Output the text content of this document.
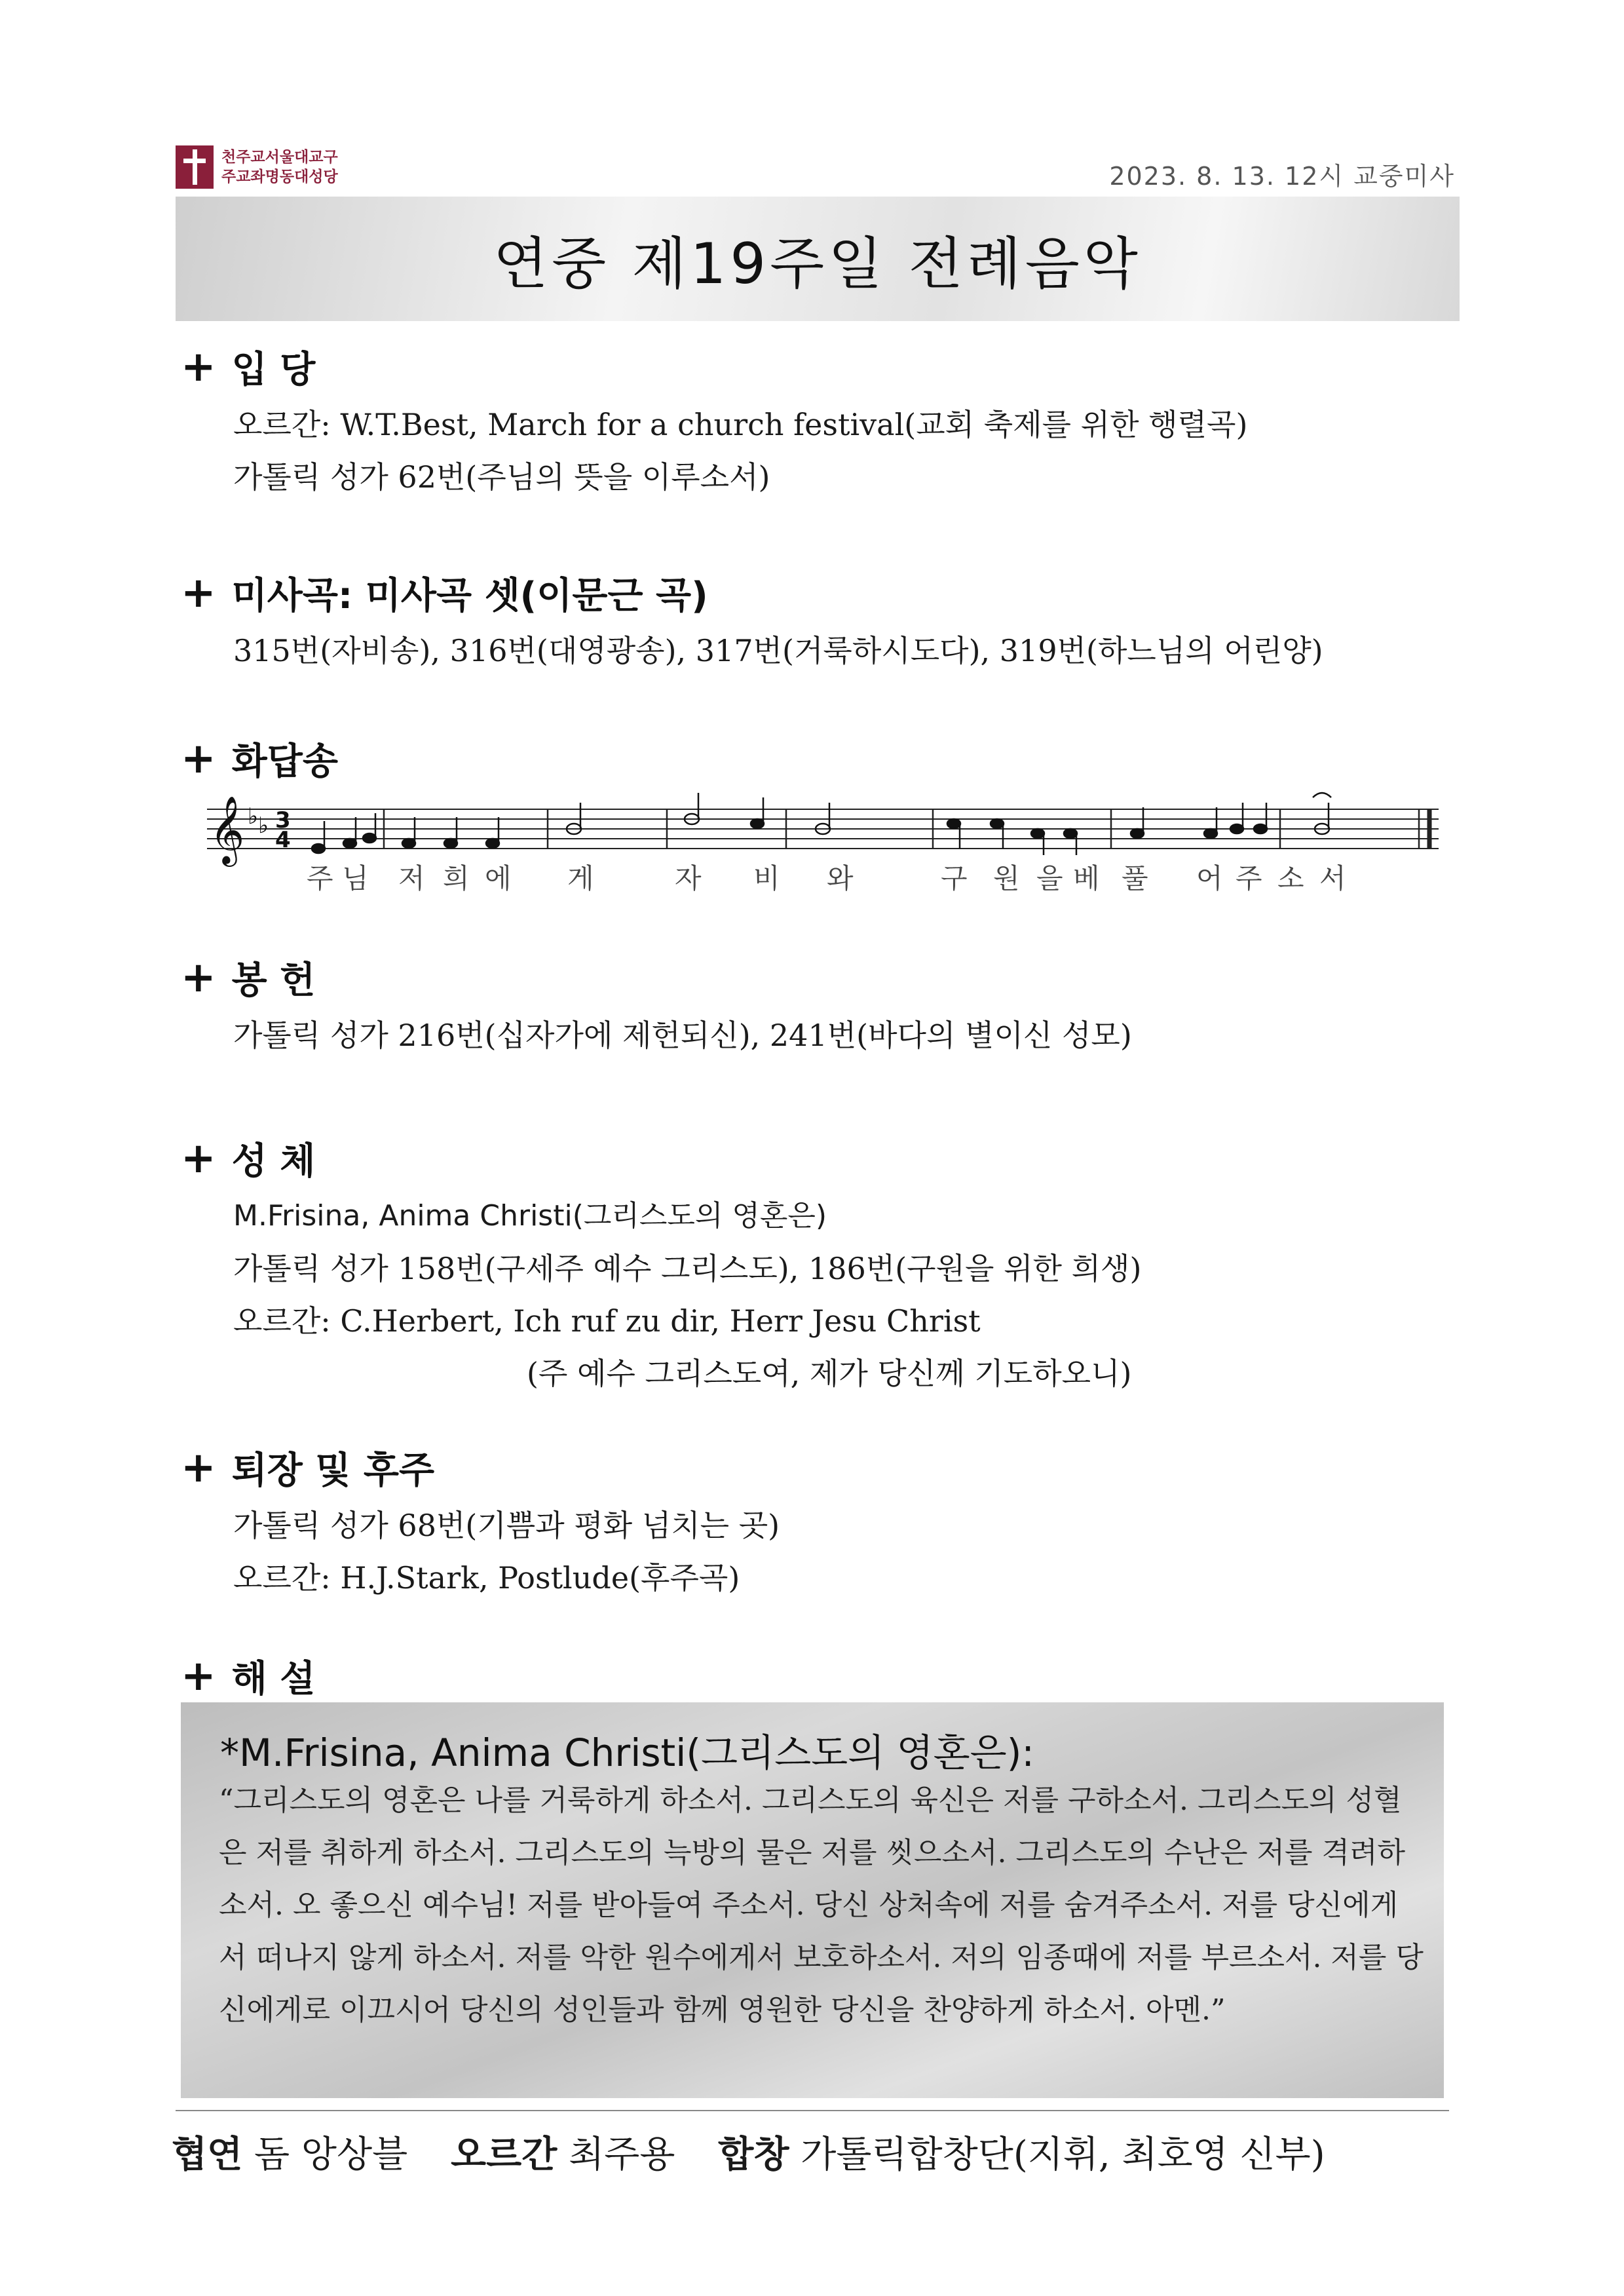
천주교서울대교구
주교좌명동대성당	2023. 8. 13. 12시 교중미사
연중 제19주일 전례음악
+ 입 당
오르간: W.T.Best, March for a church festival(교회 축제를 위한 행렬곡)
가톨릭 성가 62번(주님의 뜻을 이루소서)
+ 미사곡: 미사곡 셋(이문근 곡)
315번(자비송), 316번(대영광송), 317번(거룩하시도다), 319번(하느님의 어린양)
+ 화답송
𝄞 ♭ ♭ 3
4
주 님 저 희 에 게	자 비 와	구 원 을 베 풀 어 주 소 서
+ 봉 헌
가톨릭 성가 216번(십자가에 제헌되신), 241번(바다의 별이신 성모)
+ 성 체
M.Frisina, Anima Christi(그리스도의 영혼은)
가톨릭 성가 158번(구세주 예수 그리스도), 186번(구원을 위한 희생)
오르간: C.Herbert, Ich ruf zu dir, Herr Jesu Christ
(주 예수 그리스도여, 제가 당신께 기도하오니)
+ 퇴장 및 후주
가톨릭 성가 68번(기쁨과 평화 넘치는 곳)
오르간: H.J.Stark, Postlude(후주곡)
+ 해 설
*M.Frisina, Anima Christi(그리스도의 영혼은):
“그리스도의 영혼은 나를 거룩하게 하소서. 그리스도의 육신은 저를 구하소서. 그리스도의 성혈은 저를 취하게 하소서. 그리스도의 늑방의 물은 저를 씻으소서. 그리스도의 수난은 저를 격려하소서. 오 좋으신 예수님! 저를 받아들여 주소서. 당신 상처속에 저를 숨겨주소서. 저를 당신에게서 떠나지 않게 하소서. 저를 악한 원수에게서 보호하소서. 저의 임종때에 저를 부르소서. 저를 당신에게로 이끄시어 당신의 성인들과 함께 영원한 당신을 찬양하게 하소서. 아멘.”
협연 돔 앙상블 오르간 최주용 합창 가톨릭합창단(지휘, 최호영 신부)
